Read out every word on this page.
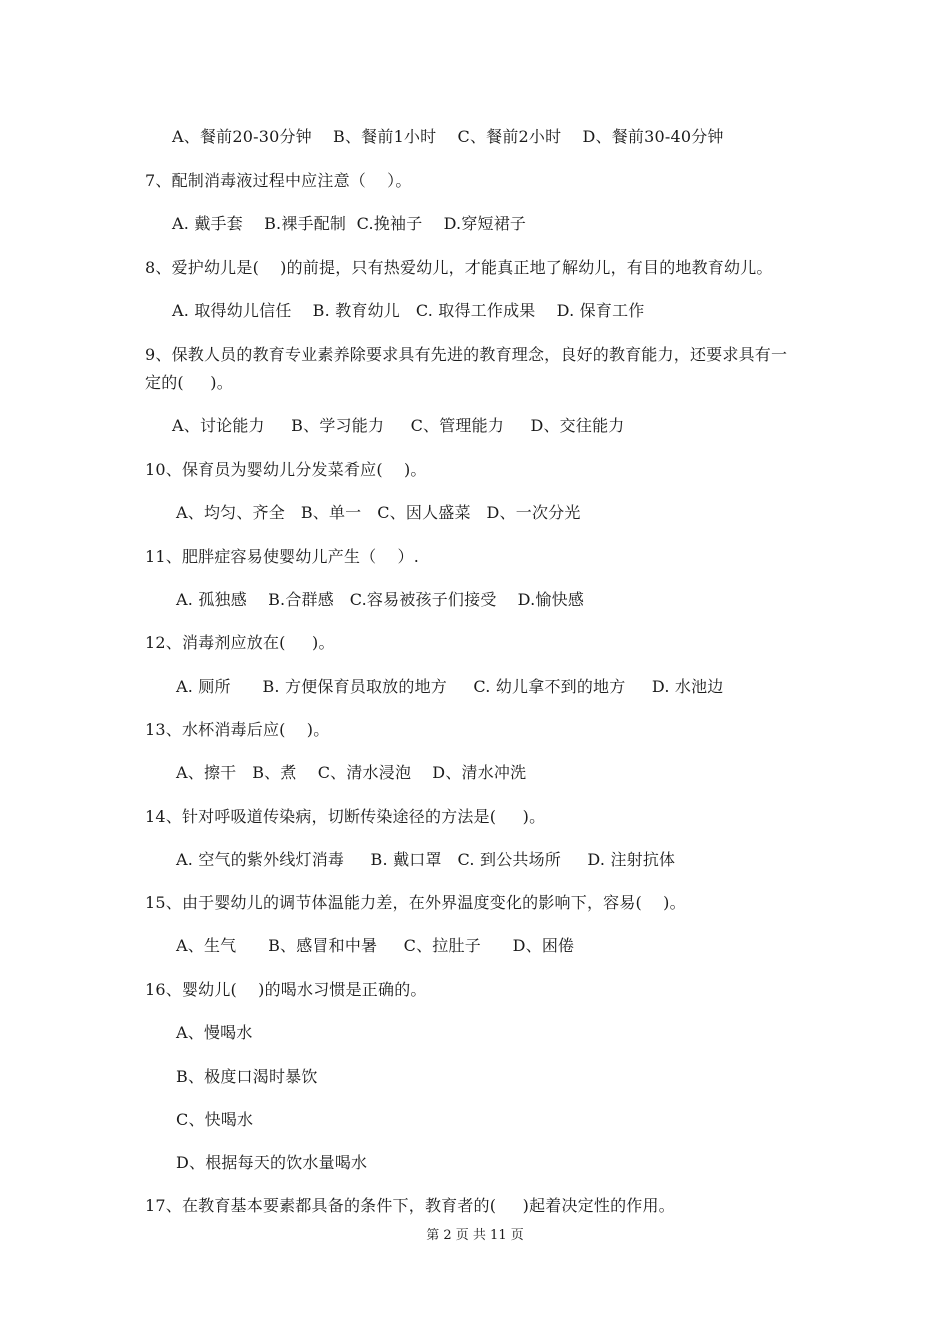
A、餐前20-30分钟    B、餐前1小时    C、餐前2小时    D、餐前30-40分钟
7、配制消毒液过程中应注意（    ）。
A. 戴手套    B.裸手配制  C.挽袖子    D.穿短裙子
8、爱护幼儿是(    )的前提，只有热爱幼儿，才能真正地了解幼儿，有目的地教育幼儿。
A. 取得幼儿信任    B. 教育幼儿   C. 取得工作成果    D. 保育工作
9、保教人员的教育专业素养除要求具有先进的教育理念，良好的教育能力，还要求具有一
定的(     )。
A、讨论能力     B、学习能力     C、管理能力     D、交往能力
10、保育员为婴幼儿分发菜肴应(    )。
A、均匀、齐全   B、单一   C、因人盛菜   D、一次分光
11、肥胖症容易使婴幼儿产生（    ）.
A. 孤独感    B.合群感   C.容易被孩子们接受    D.愉快感
12、消毒剂应放在(     )。
A. 厕所      B. 方便保育员取放的地方     C. 幼儿拿不到的地方     D. 水池边
13、水杯消毒后应(    )。
A、擦干   B、煮    C、清水浸泡    D、清水冲洗
14、针对呼吸道传染病，切断传染途径的方法是(     )。
A. 空气的紫外线灯消毒     B. 戴口罩   C. 到公共场所     D. 注射抗体
15、由于婴幼儿的调节体温能力差，在外界温度变化的影响下，容易(    )。
A、生气      B、感冒和中暑     C、拉肚子      D、困倦
16、婴幼儿(    )的喝水习惯是正确的。
A、慢喝水
B、极度口渴时暴饮
C、快喝水
D、根据每天的饮水量喝水
17、在教育基本要素都具备的条件下，教育者的(     )起着决定性的作用。
第 2 页 共 11 页
